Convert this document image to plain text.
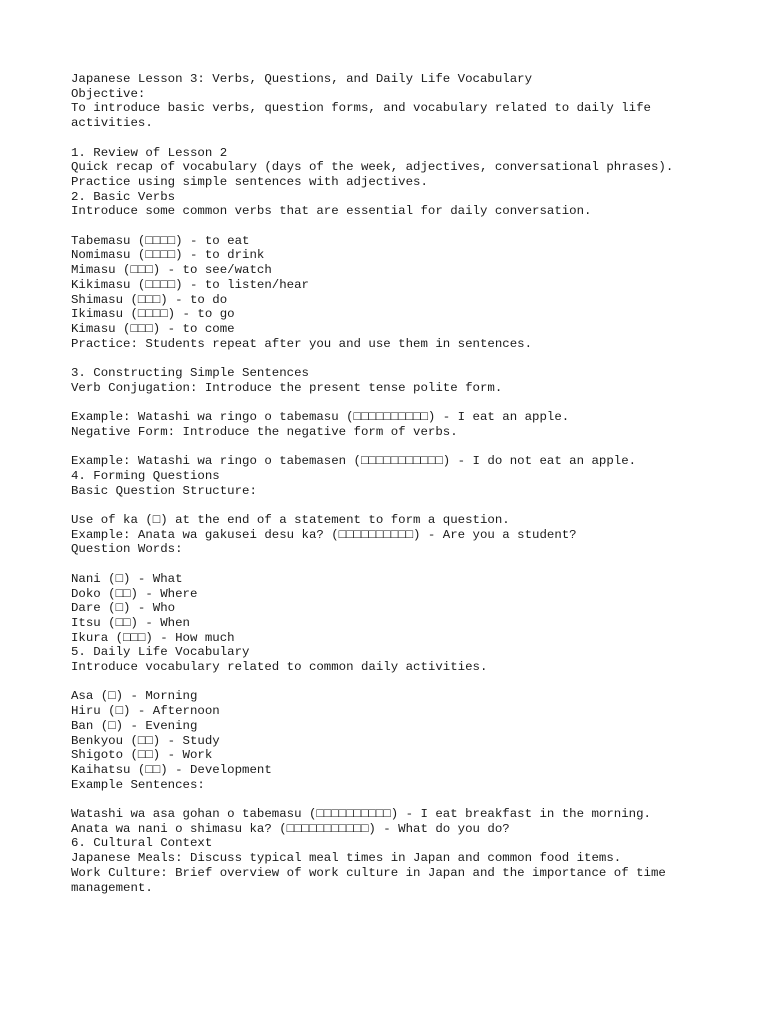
Japanese Lesson 3: Verbs, Questions, and Daily Life Vocabulary
Objective:
To introduce basic verbs, question forms, and vocabulary related to daily life
activities.
1. Review of Lesson 2
Quick recap of vocabulary (days of the week, adjectives, conversational phrases).
Practice using simple sentences with adjectives.
2. Basic Verbs
Introduce some common verbs that are essential for daily conversation.
Tabemasu (□□□□) - to eat
Nomimasu (□□□□) - to drink
Mimasu (□□□) - to see/watch
Kikimasu (□□□□) - to listen/hear
Shimasu (□□□) - to do
Ikimasu (□□□□) - to go
Kimasu (□□□) - to come
Practice: Students repeat after you and use them in sentences.
3. Constructing Simple Sentences
Verb Conjugation: Introduce the present tense polite form.
Example: Watashi wa ringo o tabemasu (□□□□□□□□□□) - I eat an apple.
Negative Form: Introduce the negative form of verbs.
Example: Watashi wa ringo o tabemasen (□□□□□□□□□□□) - I do not eat an apple.
4. Forming Questions
Basic Question Structure:
Use of ka (□) at the end of a statement to form a question.
Example: Anata wa gakusei desu ka? (□□□□□□□□□□) - Are you a student?
Question Words:
Nani (□) - What
Doko (□□) - Where
Dare (□) - Who
Itsu (□□) - When
Ikura (□□□) - How much
5. Daily Life Vocabulary
Introduce vocabulary related to common daily activities.
Asa (□) - Morning
Hiru (□) - Afternoon
Ban (□) - Evening
Benkyou (□□) - Study
Shigoto (□□) - Work
Kaihatsu (□□) - Development
Example Sentences:
Watashi wa asa gohan o tabemasu (□□□□□□□□□□) - I eat breakfast in the morning.
Anata wa nani o shimasu ka? (□□□□□□□□□□□) - What do you do?
6. Cultural Context
Japanese Meals: Discuss typical meal times in Japan and common food items.
Work Culture: Brief overview of work culture in Japan and the importance of time
management.
